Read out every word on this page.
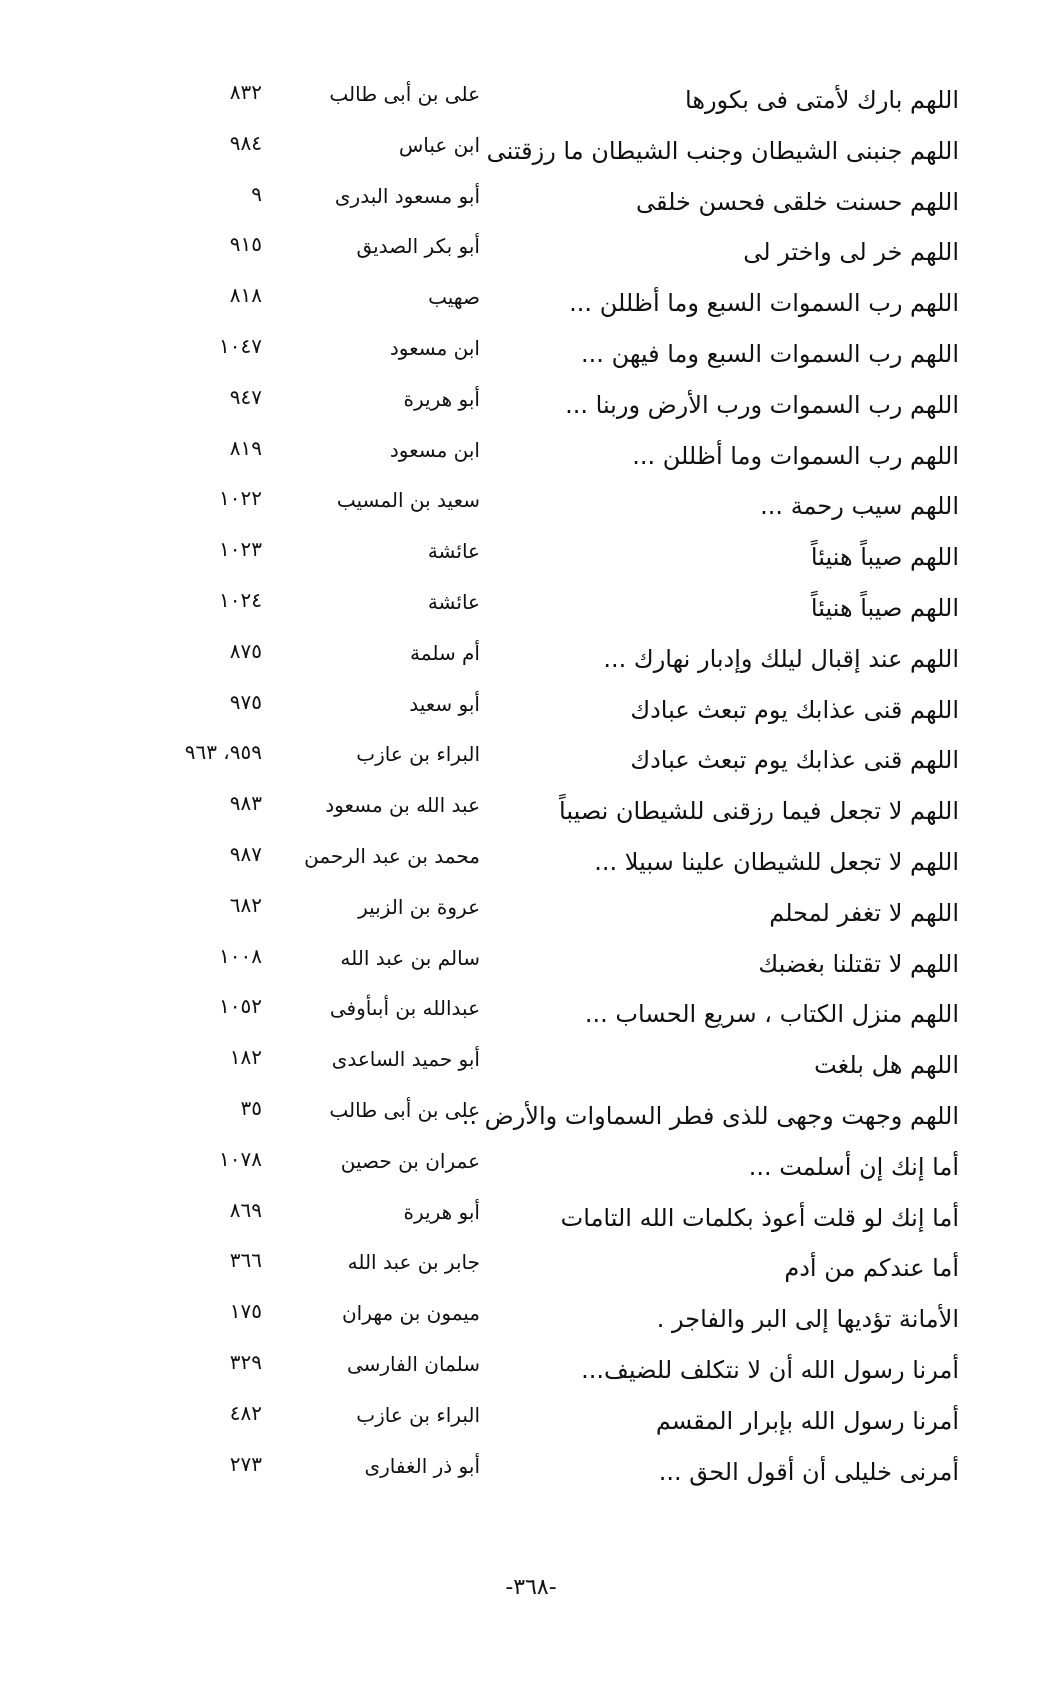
اللهم بارك لأمتى فى بكورها
على بن أبى طالب
٨٣٢
اللهم جنبنى الشيطان وجنب الشيطان ما رزقتنى
ابن عباس
٩٨٤
اللهم حسنت خلقى فحسن خلقى
أبو مسعود البدرى
٩
اللهم خر لى واختر لى
أبو بكر الصديق
٩١٥
اللهم رب السموات السبع وما أظللن ...
صهيب
٨١٨
اللهم رب السموات السبع وما فيهن ...
ابن مسعود
١٠٤٧
اللهم رب السموات ورب الأرض وربنا ...
أبو هريرة
٩٤٧
اللهم رب السموات وما أظللن ...
ابن مسعود
٨١٩
اللهم سيب رحمة ...
سعيد بن المسيب
١٠٢٢
اللهم صيباً هنيئاً
عائشة
١٠٢٣
اللهم صيباً هنيئاً
عائشة
١٠٢٤
اللهم عند إقبال ليلك وإدبار نهارك ...
أم سلمة
٨٧٥
اللهم قنى عذابك يوم تبعث عبادك
أبو سعيد
٩٧٥
اللهم قنى عذابك يوم تبعث عبادك
البراء بن عازب
٩٥٩، ٩٦٣
اللهم لا تجعل فيما رزقنى للشيطان نصيباً
عبد الله بن مسعود
٩٨٣
اللهم لا تجعل للشيطان علينا سبيلا ...
محمد بن عبد الرحمن
٩٨٧
اللهم لا تغفر لمحلم
عروة بن الزبير
٦٨٢
اللهم لا تقتلنا بغضبك
سالم بن عبد الله
١٠٠٨
اللهم منزل الكتاب ، سريع الحساب ...
عبدالله بن أبىأوفى
١٠٥٢
اللهم هل بلغت
أبو حميد الساعدى
١٨٢
اللهم وجهت وجهى للذى فطر السماوات والأرض ..
على بن أبى طالب
٣٥
أما إنك إن أسلمت ...
عمران بن حصين
١٠٧٨
أما إنك لو قلت أعوذ بكلمات الله التامات
أبو هريرة
٨٦٩
أما عندكم من أدم
جابر بن عبد الله
٣٦٦
الأمانة تؤديها إلى البر والفاجر .
ميمون بن مهران
١٧٥
أمرنا رسول الله أن لا نتكلف للضيف...
سلمان الفارسى
٣٢٩
أمرنا رسول الله بإبرار المقسم
البراء بن عازب
٤٨٢
أمرنى خليلى أن أقول الحق ...
أبو ذر الغفارى
٢٧٣
-٣٦٨-
